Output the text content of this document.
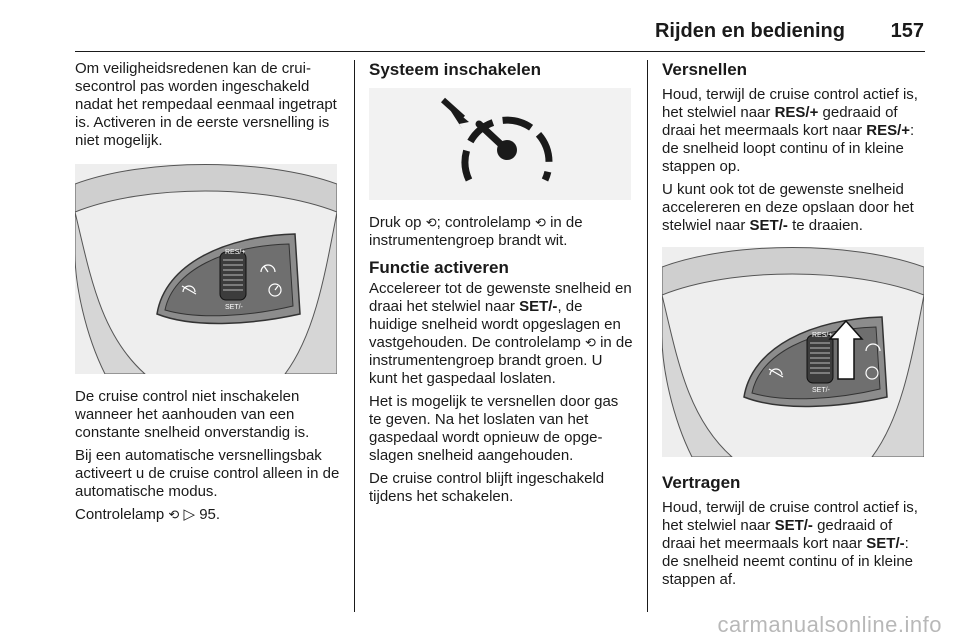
Rijden en bediening 157

Om veiligheidsredenen kan de crui-secontrol pas worden ingeschakeld nadat het rempedaal eenmaal ingetrapt is. Activeren in de eerste versnelling is niet mogelijk.

RES/+
SET/-

De cruise control niet inschakelen wanneer het aanhouden van een constante snelheid onverstandig is.

Bij een automatische versnellingsbak activeert u de cruise control alleen in de automatische modus.

Controlelamp ⟲ ▷ 95.

Systeem inschakelen

Druk op ⟲; controlelamp ⟲ in de instrumentengroep brandt wit.

Functie activeren

Accelereer tot de gewenste snelheid en draai het stelwiel naar SET/-, de huidige snelheid wordt opgeslagen en vastgehouden. De controlelamp ⟲ in de instrumentengroep brandt groen. U kunt het gaspedaal loslaten.

Het is mogelijk te versnellen door gas te geven. Na het loslaten van het gaspedaal wordt opnieuw de opge-slagen snelheid aangehouden.

De cruise control blijft ingeschakeld tijdens het schakelen.

Versnellen

Houd, terwijl de cruise control actief is, het stelwiel naar RES/+ gedraaid of draai het meermaals kort naar RES/+: de snelheid loopt continu of in kleine stappen op.

U kunt ook tot de gewenste snelheid accelereren en deze opslaan door het stelwiel naar SET/- te draaien.

RES/+
SET/-
Vertragen

Houd, terwijl de cruise control actief is, het stelwiel naar SET/- gedraaid of draai het meermaals kort naar SET/-: de snelheid neemt continu of in kleine stappen af.

carmanualsonline.info
